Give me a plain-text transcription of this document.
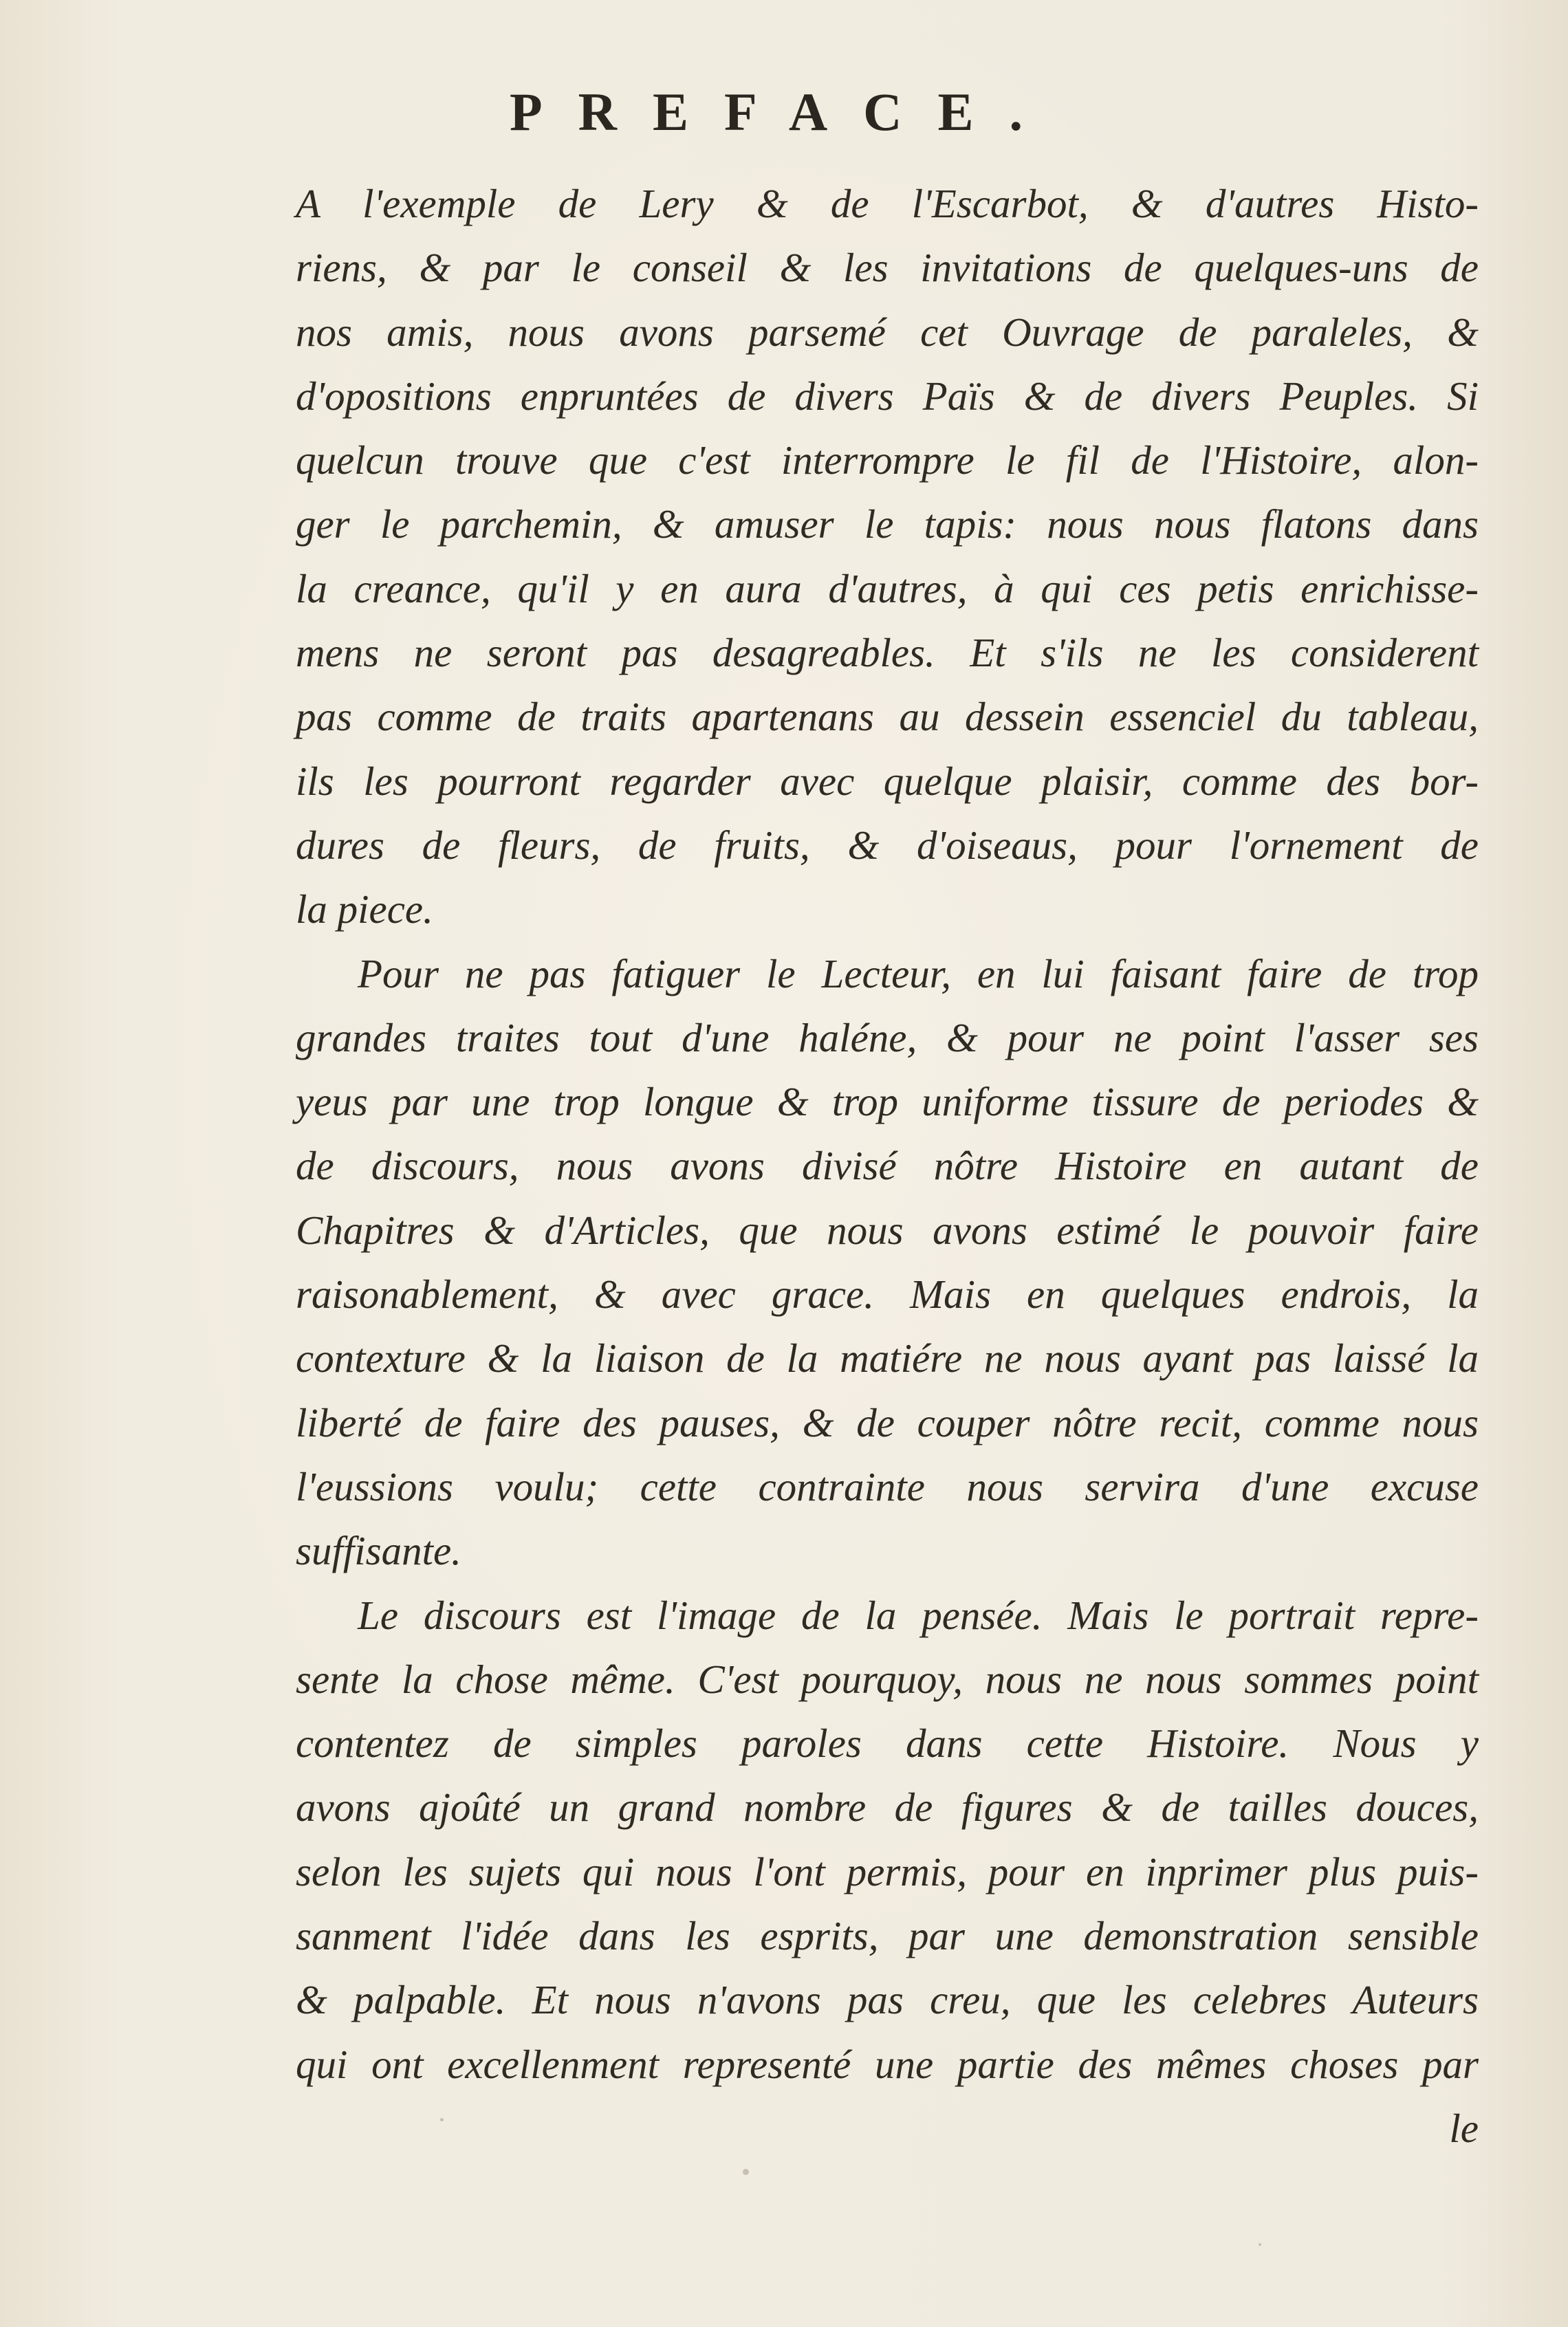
PREFACE.
A l'exemple de Lery & de l'Escarbot, & d'autres Histo-
riens, & par le conseil & les invitations de quelques-uns de
nos amis, nous avons parsemé cet Ouvrage de paraleles, &
d'opositions enpruntées de divers Païs & de divers Peuples. Si
quelcun trouve que c'est interrompre le fil de l'Histoire, alon-
ger le parchemin, & amuser le tapis: nous nous flatons dans
la creance, qu'il y en aura d'autres, à qui ces petis enrichisse-
mens ne seront pas desagreables. Et s'ils ne les considerent
pas comme de traits apartenans au dessein essenciel du tableau,
ils les pourront regarder avec quelque plaisir, comme des bor-
dures de fleurs, de fruits, & d'oiseaus, pour l'ornement de
la piece.
Pour ne pas fatiguer le Lecteur, en lui faisant faire de trop
grandes traites tout d'une haléne, & pour ne point l'asser ses
yeus par une trop longue & trop uniforme tissure de periodes &
de discours, nous avons divisé nôtre Histoire en autant de
Chapitres & d'Articles, que nous avons estimé le pouvoir faire
raisonablement, & avec grace. Mais en quelques endrois, la
contexture & la liaison de la matiére ne nous ayant pas laissé la
liberté de faire des pauses, & de couper nôtre recit, comme nous
l'eussions voulu; cette contrainte nous servira d'une excuse
suffisante.
Le discours est l'image de la pensée. Mais le portrait repre-
sente la chose même. C'est pourquoy, nous ne nous sommes point
contentez de simples paroles dans cette Histoire. Nous y
avons ajoûté un grand nombre de figures & de tailles douces,
selon les sujets qui nous l'ont permis, pour en inprimer plus puis-
sanment l'idée dans les esprits, par une demonstration sensible
& palpable. Et nous n'avons pas creu, que les celebres Auteurs
qui ont excellenment representé une partie des mêmes choses par
le
